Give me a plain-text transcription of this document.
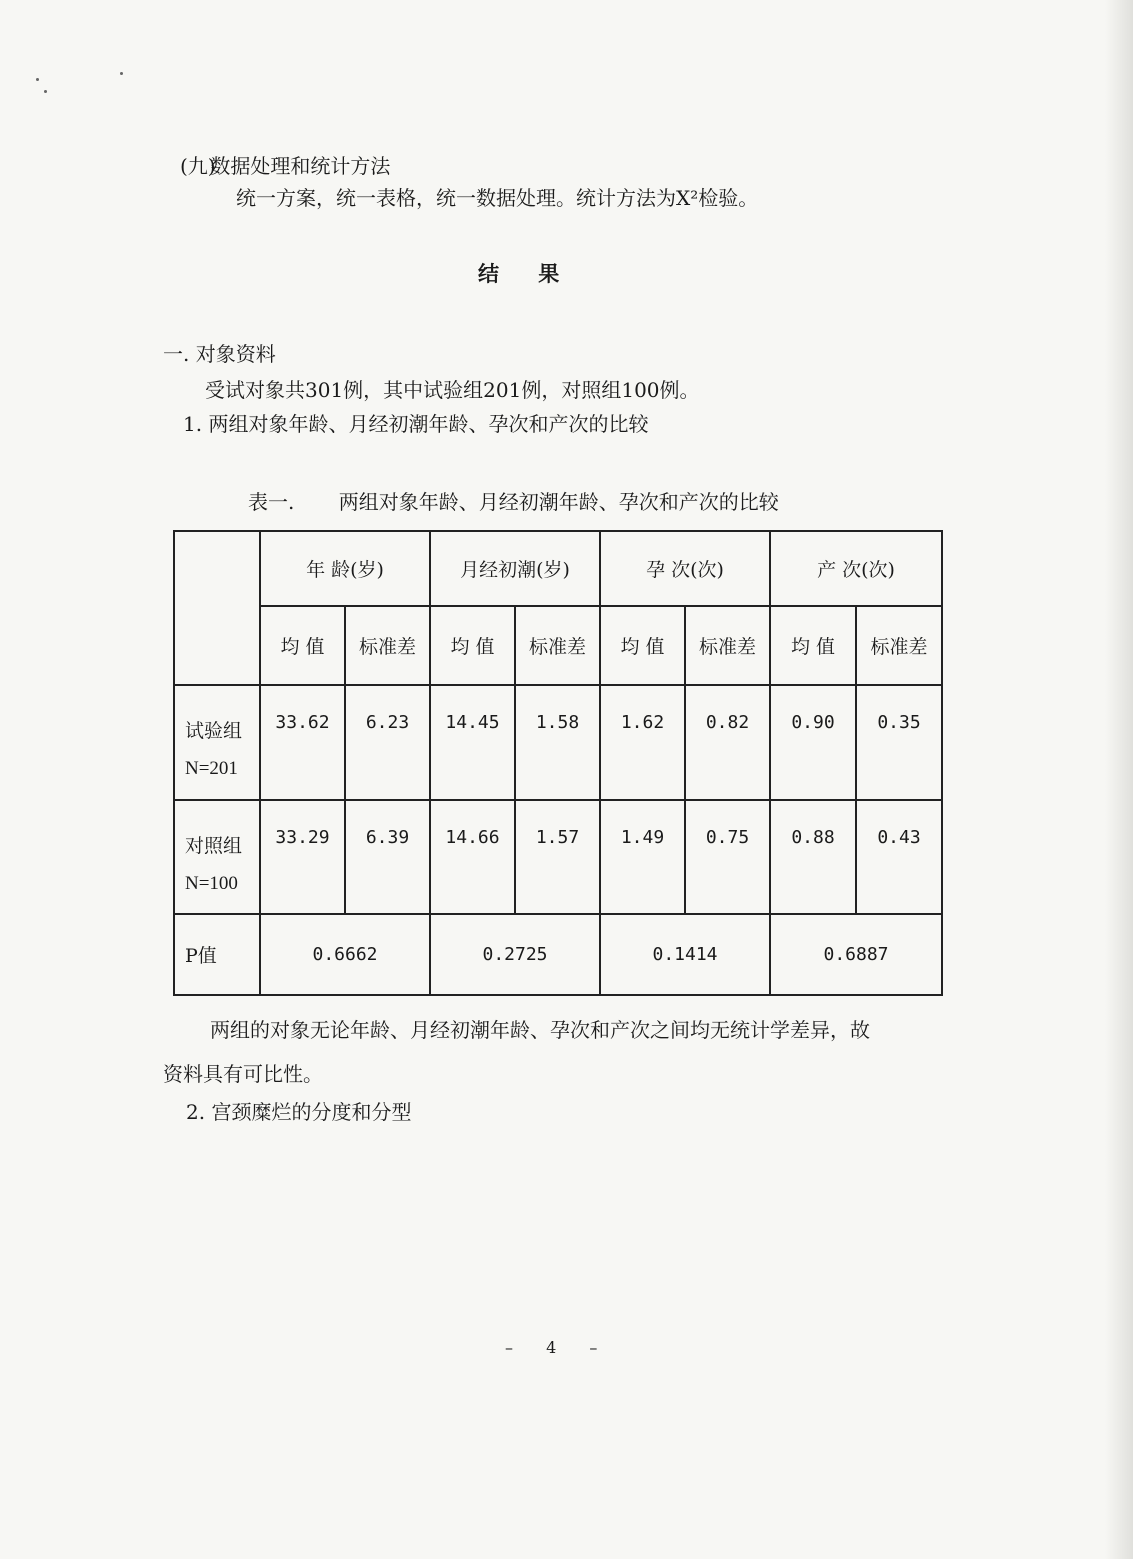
(九) 数据处理和统计方法
统一方案，统一表格，统一数据处理。统计方法为X²检验。
结 果
一. 对象资料
受试对象共301例，其中试验组201例，对照组100例。
1. 两组对象年龄、月经初潮年龄、孕次和产次的比较
表一. 两组对象年龄、月经初潮年龄、孕次和产次的比较
	年 龄(岁)		月经初潮(岁)		孕 次(次)		产 次(次)	
	均 值	标准差	均 值	标准差	均 值	标准差	均 值	标准差
试验组
N=201	33.62	6.23	14.45	1.58	1.62	0.82	0.90	0.35
对照组
N=100	33.29	6.39	14.66	1.57	1.49	0.75	0.88	0.43
P值	0.6662		0.2725		0.1414		0.6887	
两组的对象无论年龄、月经初潮年龄、孕次和产次之间均无统计学差异，故
资料具有可比性。
2. 宫颈糜烂的分度和分型
– 4 –
